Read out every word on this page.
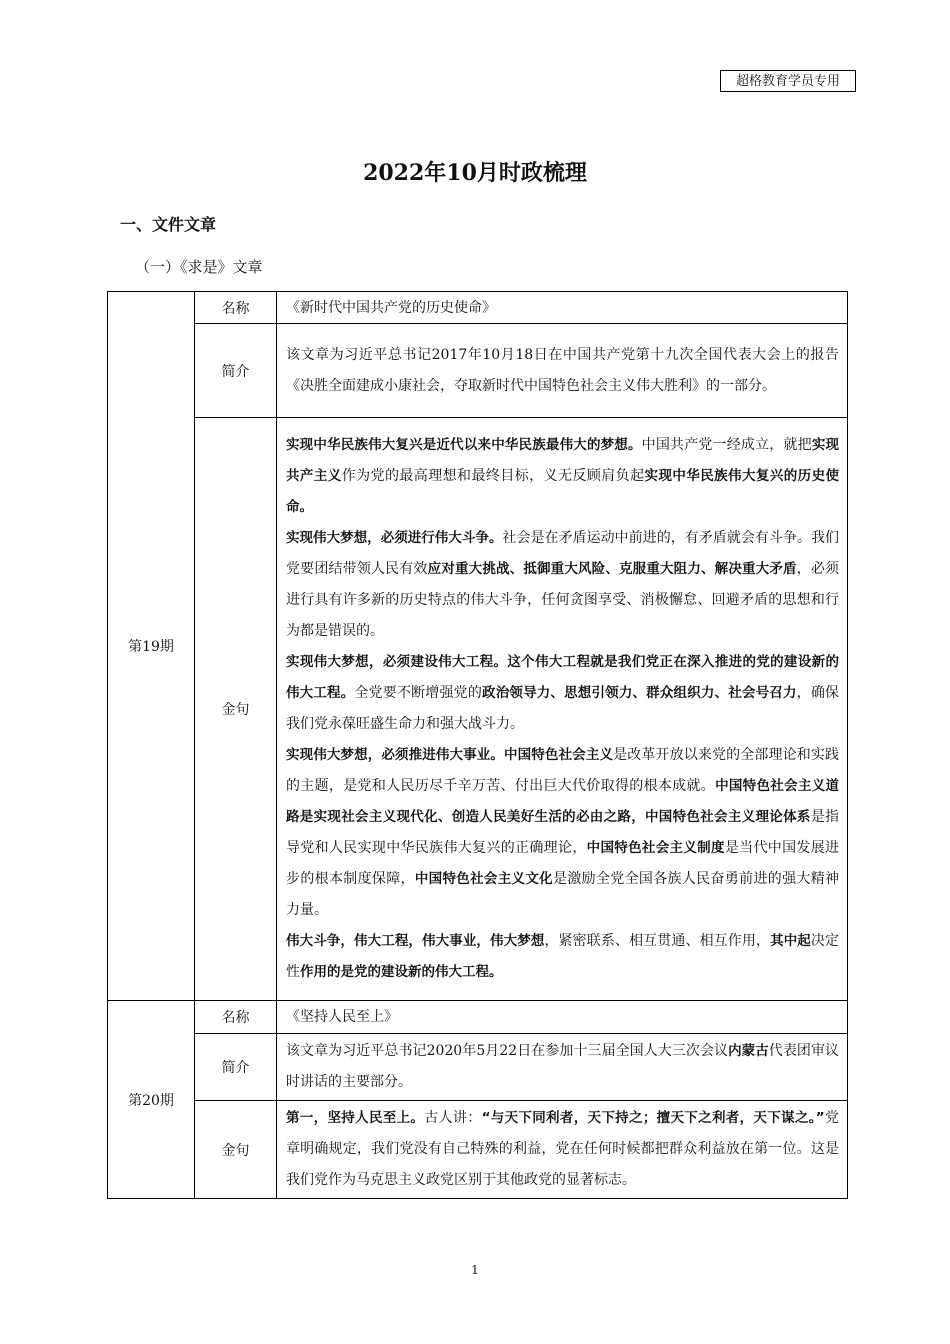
超格教育学员专用
2022年10月时政梳理
一、文件文章
（一）《求是》文章
第19期	名称	《新时代中国共产党的历史使命》
	简介	该文章为习近平总书记2017年10月18日在中国共产党第十九次全国代表大会上的报告《决胜全面建成小康社会，夺取新时代中国特色社会主义伟大胜利》的一部分。
	金句	实现中华民族伟大复兴是近代以来中华民族最伟大的梦想。中国共产党一经成立，就把实现共产主义作为党的最高理想和最终目标，义无反顾肩负起实现中华民族伟大复兴的历史使命。

实现伟大梦想，必须进行伟大斗争。社会是在矛盾运动中前进的，有矛盾就会有斗争。我们党要团结带领人民有效应对重大挑战、抵御重大风险、克服重大阻力、解决重大矛盾，必须进行具有许多新的历史特点的伟大斗争，任何贪图享受、消极懈怠、回避矛盾的思想和行为都是错误的。

实现伟大梦想，必须建设伟大工程。这个伟大工程就是我们党正在深入推进的党的建设新的伟大工程。全党要不断增强党的政治领导力、思想引领力、群众组织力、社会号召力，确保我们党永葆旺盛生命力和强大战斗力。

实现伟大梦想，必须推进伟大事业。中国特色社会主义是改革开放以来党的全部理论和实践的主题，是党和人民历尽千辛万苦、付出巨大代价取得的根本成就。中国特色社会主义道路是实现社会主义现代化、创造人民美好生活的必由之路，中国特色社会主义理论体系是指导党和人民实现中华民族伟大复兴的正确理论，中国特色社会主义制度是当代中国发展进步的根本制度保障，中国特色社会主义文化是激励全党全国各族人民奋勇前进的强大精神力量。

伟大斗争，伟大工程，伟大事业，伟大梦想，紧密联系、相互贯通、相互作用，其中起决定性作用的是党的建设新的伟大工程。

第20期	名称	《坚持人民至上》
	简介	该文章为习近平总书记2020年5月22日在参加十三届全国人大三次会议内蒙古代表团审议时讲话的主要部分。
	金句	第一，坚持人民至上。古人讲：“与天下同利者，天下持之；擅天下之利者，天下谋之。”党章明确规定，我们党没有自己特殊的利益，党在任何时候都把群众利益放在第一位。这是我们党作为马克思主义政党区别于其他政党的显著标志。

1
